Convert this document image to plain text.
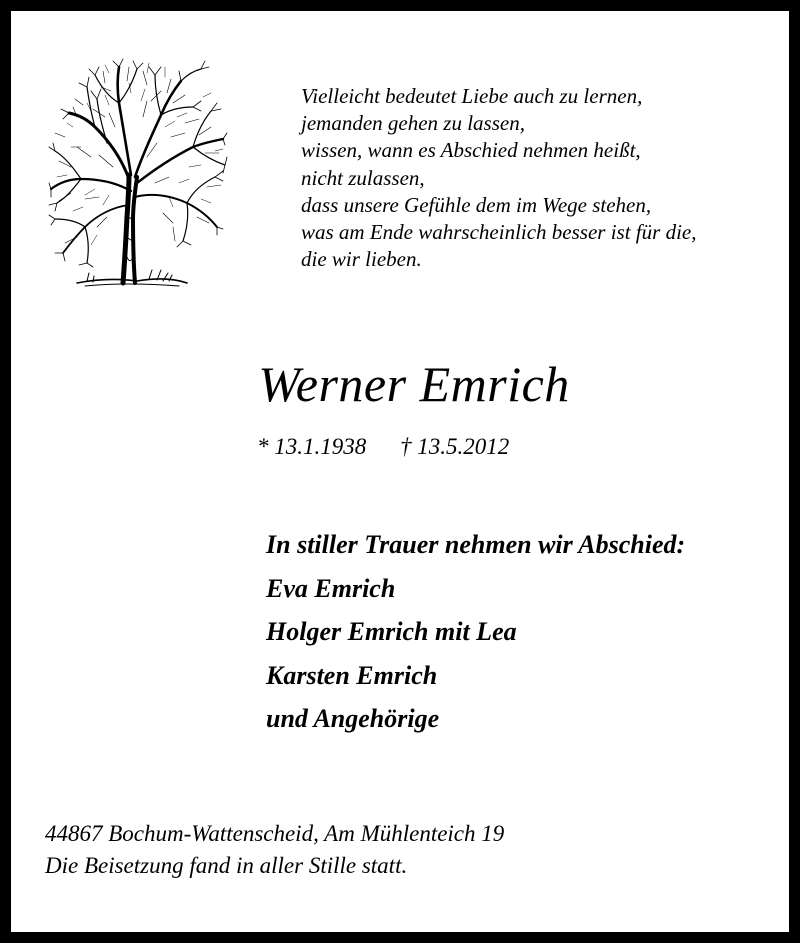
Vielleicht bedeutet Liebe auch zu lernen,
jemanden gehen zu lassen,
wissen, wann es Abschied nehmen heißt,
nicht zulassen,
dass unsere Gefühle dem im Wege stehen,
was am Ende wahrscheinlich besser ist für die,
die wir lieben.
Werner Emrich
* 13.1.1938 † 13.5.2012
In stiller Trauer nehmen wir Abschied:
Eva Emrich
Holger Emrich mit Lea
Karsten Emrich
und Angehörige
44867 Bochum-Wattenscheid, Am Mühlenteich 19
Die Beisetzung fand in aller Stille statt.
